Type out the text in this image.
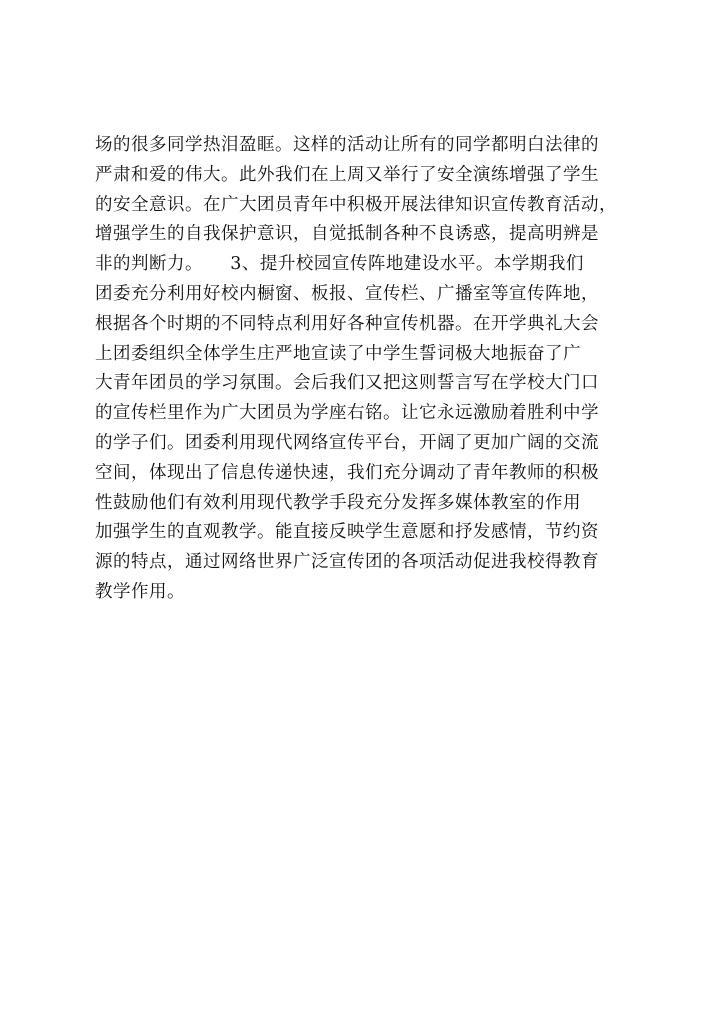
场的很多同学热泪盈眶。这样的活动让所有的同学都明白法律的
严肃和爱的伟大。此外我们在上周又举行了安全演练增强了学生
的安全意识。在广大团员青年中积极开展法律知识宣传教育活动，
增强学生的自我保护意识，自觉抵制各种不良诱惑，提高明辨是
非的判断力。　　3、提升校园宣传阵地建设水平。本学期我们
团委充分利用好校内橱窗、板报、宣传栏、广播室等宣传阵地，
根据各个时期的不同特点利用好各种宣传机器。在开学典礼大会
上团委组织全体学生庄严地宣读了中学生誓词极大地振奋了广
大青年团员的学习氛围。会后我们又把这则誓言写在学校大门口
的宣传栏里作为广大团员为学座右铭。让它永远激励着胜利中学
的学子们。团委利用现代网络宣传平台，开阔了更加广阔的交流
空间，体现出了信息传递快速，我们充分调动了青年教师的积极
性鼓励他们有效利用现代教学手段充分发挥多媒体教室的作用
加强学生的直观教学。能直接反映学生意愿和抒发感情，节约资
源的特点，通过网络世界广泛宣传团的各项活动促进我校得教育
教学作用。
